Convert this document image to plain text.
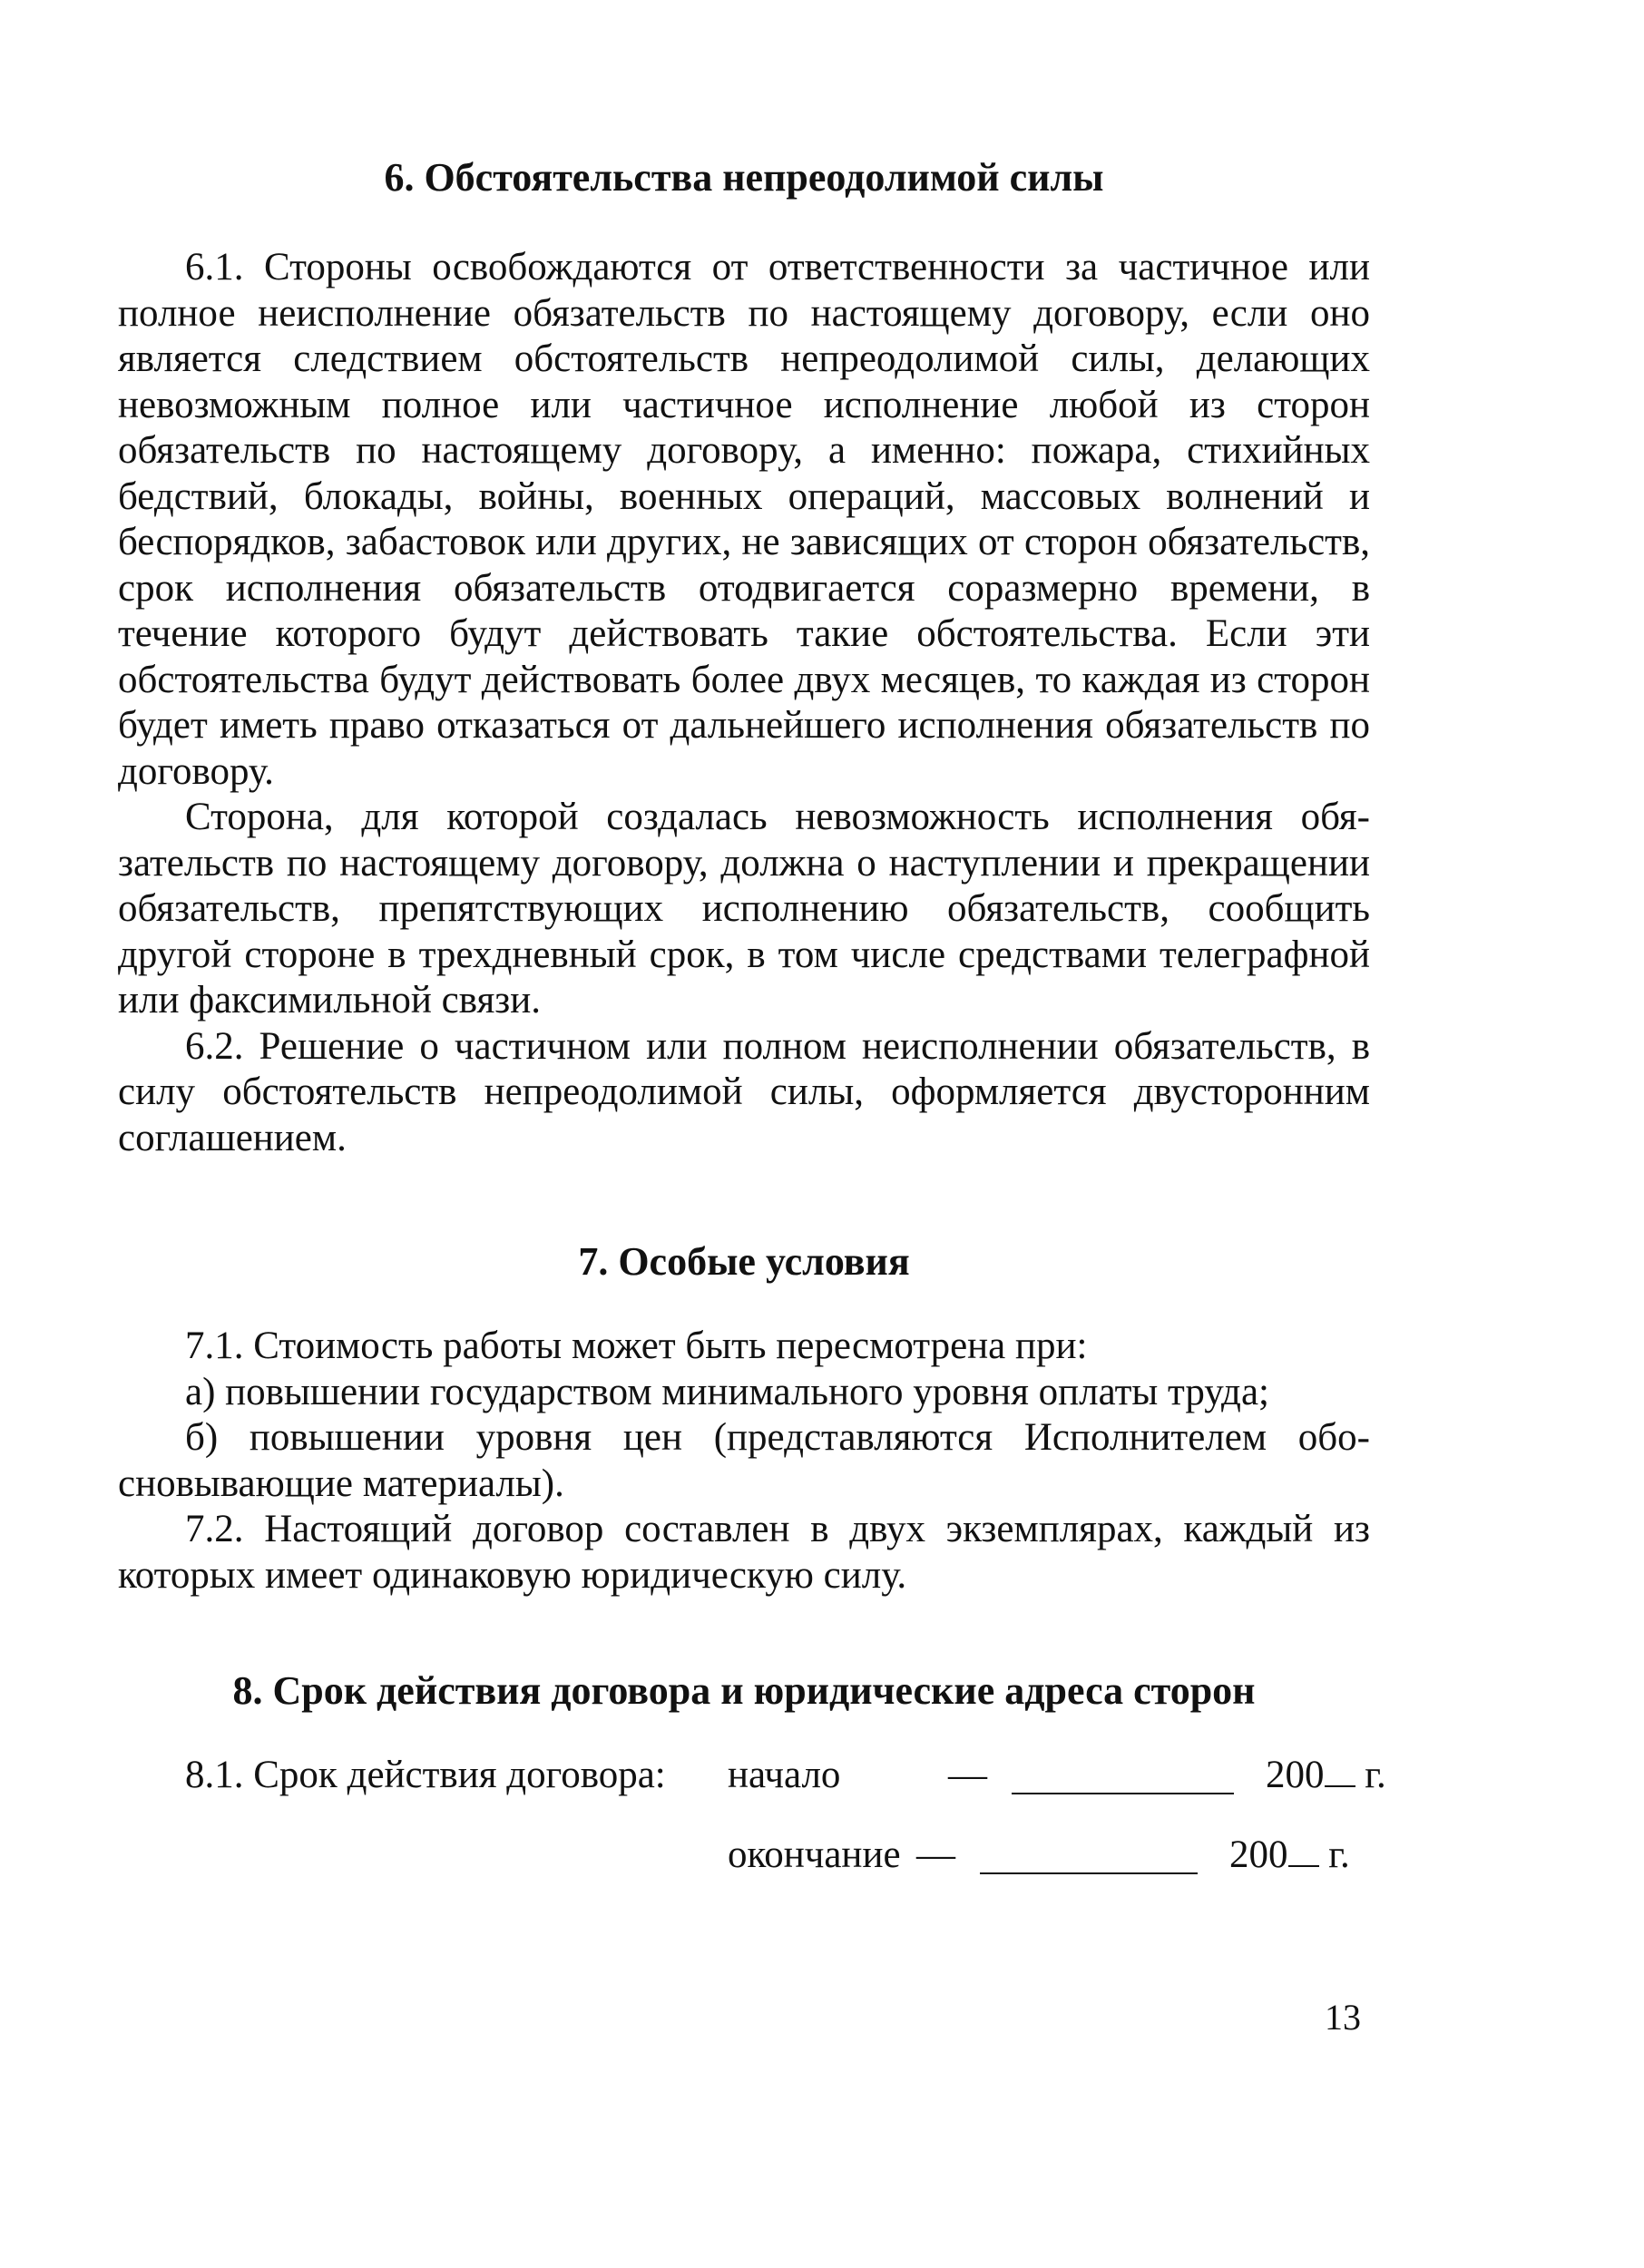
6. Обстоятельства непреодолимой силы

6.1. Стороны освобождаются от ответственности за частичное или полное неисполнение обязательств по настоящему договору, если оно является следствием обстоятельств непреодолимой силы, делающих невозможным полное или частичное исполнение любой из сторон обязательств по настоящему договору, а именно: пожара, стихийных бедствий, блокады, войны, военных операций, массовых волнений и беспорядков, забастовок или других, не зависящих от сторон обязательств, срок исполнения обязательств отодвигается соразмерно времени, в течение которого будут действовать такие обстоятельства. Если эти обстоятельства будут действовать более двух месяцев, то каждая из сторон будет иметь право отказаться от дальнейшего исполнения обязательств по договору.

Сторона, для которой создалась невозможность исполнения обязательств по настоящему договору, должна о наступлении и прекращении обязательств, препятствующих исполнению обязательств, сообщить другой стороне в трехдневный срок, в том числе средствами телеграфной или факсимильной связи.

6.2. Решение о частичном или полном неисполнении обязательств, в силу обстоятельств непреодолимой силы, оформляется двусторонним соглашением.

7. Особые условия

7.1. Стоимость работы может быть пересмотрена при:

а) повышении государством минимального уровня оплаты труда;

б) повышении уровня цен (представляются Исполнителем обосновывающие материалы).

7.2. Настоящий договор составлен в двух экземплярах, каждый из которых имеет одинаковую юридическую силу.

8. Срок действия договора и юридические адреса сторон
8.1. Срок действия договора: начало	—	200 г.
окончание —	200 г.
13
